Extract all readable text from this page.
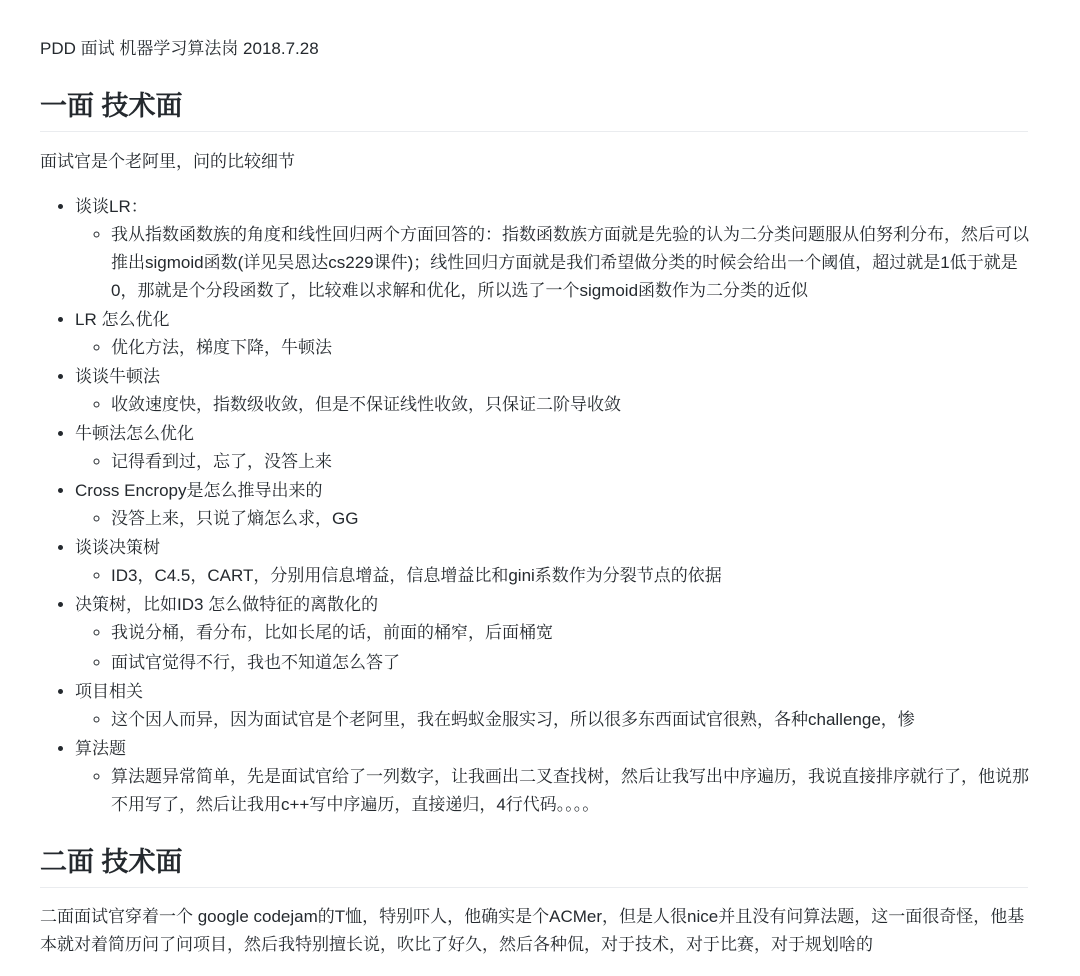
PDD 面试 机器学习算法岗 2018.7.28

一面 技术面

面试官是个老阿里，问的比较细节

• 谈谈LR：
◦ 我从指数函数族的角度和线性回归两个方面回答的：指数函数族方面就是先验的认为二分类问题服从伯努利分布，然后可以推出sigmoid函数(详见吴恩达cs229课件)；线性回归方面就是我们希望做分类的时候会给出一个阈值，超过就是1低于就是0，那就是个分段函数了，比较难以求解和优化，所以选了一个sigmoid函数作为二分类的近似
• LR 怎么优化
◦ 优化方法，梯度下降，牛顿法
• 谈谈牛顿法
◦ 收敛速度快，指数级收敛，但是不保证线性收敛，只保证二阶导收敛
• 牛顿法怎么优化
◦ 记得看到过，忘了，没答上来
• Cross Encropy是怎么推导出来的
◦ 没答上来，只说了熵怎么求，GG
• 谈谈决策树
◦ ID3，C4.5，CART，分别用信息增益，信息增益比和gini系数作为分裂节点的依据
• 决策树，比如ID3 怎么做特征的离散化的
◦ 我说分桶，看分布，比如长尾的话，前面的桶窄，后面桶宽
◦ 面试官觉得不行，我也不知道怎么答了
• 项目相关
◦ 这个因人而异，因为面试官是个老阿里，我在蚂蚁金服实习，所以很多东西面试官很熟，各种challenge，惨
• 算法题
◦ 算法题异常简单，先是面试官给了一列数字，让我画出二叉查找树，然后让我写出中序遍历，我说直接排序就行了，他说那不用写了，然后让我用c++写中序遍历，直接递归，4行代码。。。。
二面 技术面

二面面试官穿着一个 google codejam的T恤，特别吓人，他确实是个ACMer，但是人很nice并且没有问算法题，这一面很奇怪，他基本就对着简历问了问项目，然后我特别擅长说，吹比了好久，然后各种侃，对于技术，对于比赛，对于规划啥的
